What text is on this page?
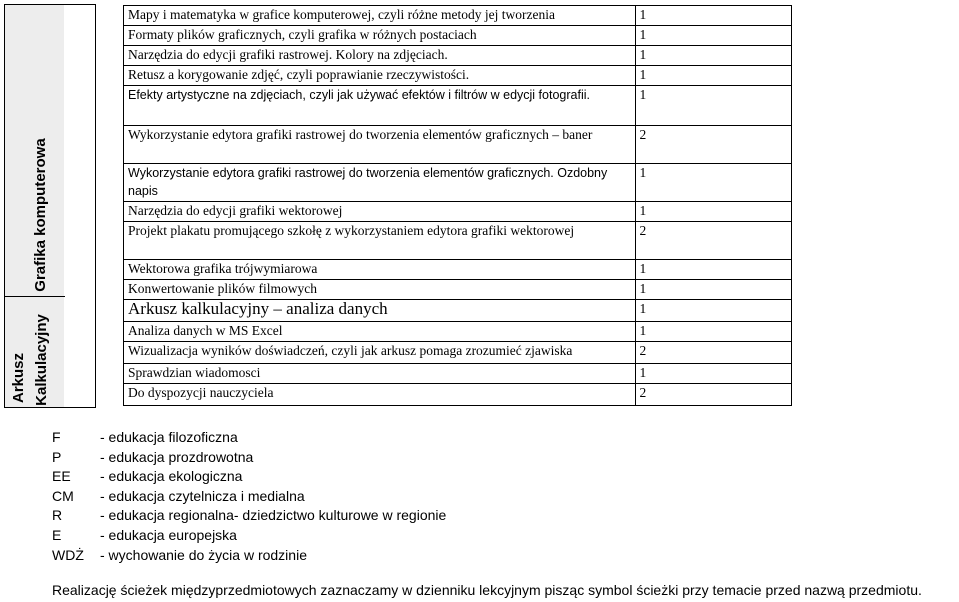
Grafika komputerowa
Arkusz Kalkulacyjny
Mapy i matematyka w grafice komputerowej, czyli różne metody jej tworzenia	1
Formaty plików graficznych, czyli grafika w różnych postaciach	1
Narzędzia do edycji grafiki rastrowej. Kolory na zdjęciach.	1
Retusz a korygowanie zdjęć, czyli poprawianie rzeczywistości.	1
Efekty artystyczne na zdjęciach, czyli jak używać efektów i filtrów w edycji fotografii.	1
Wykorzystanie edytora grafiki rastrowej do tworzenia elementów graficznych – baner	2
Wykorzystanie edytora grafiki rastrowej do tworzenia elementów graficznych. Ozdobny napis	1
Narzędzia do edycji grafiki wektorowej	1
Projekt plakatu promującego szkołę z wykorzystaniem edytora grafiki wektorowej	2
Wektorowa grafika trójwymiarowa	1
Konwertowanie plików filmowych	1
Arkusz kalkulacyjny – analiza danych	1
Analiza danych w MS Excel	1
Wizualizacja wyników doświadczeń, czyli jak arkusz pomaga zrozumieć zjawiska	2
Sprawdzian wiadomosci	1
Do dyspozycji nauczyciela	2
F	- edukacja filozoficzna
P	- edukacja prozdrowotna
EE	- edukacja ekologiczna
CM	- edukacja czytelnicza i medialna
R	- edukacja regionalna- dziedzictwo kulturowe w regionie
E	- edukacja europejska
WDŻ	- wychowanie do życia w rodzinie
Realizację ścieżek międzyprzedmiotowych zaznaczamy w dzienniku lekcyjnym pisząc symbol ścieżki przy temacie przed nazwą przedmiotu.
